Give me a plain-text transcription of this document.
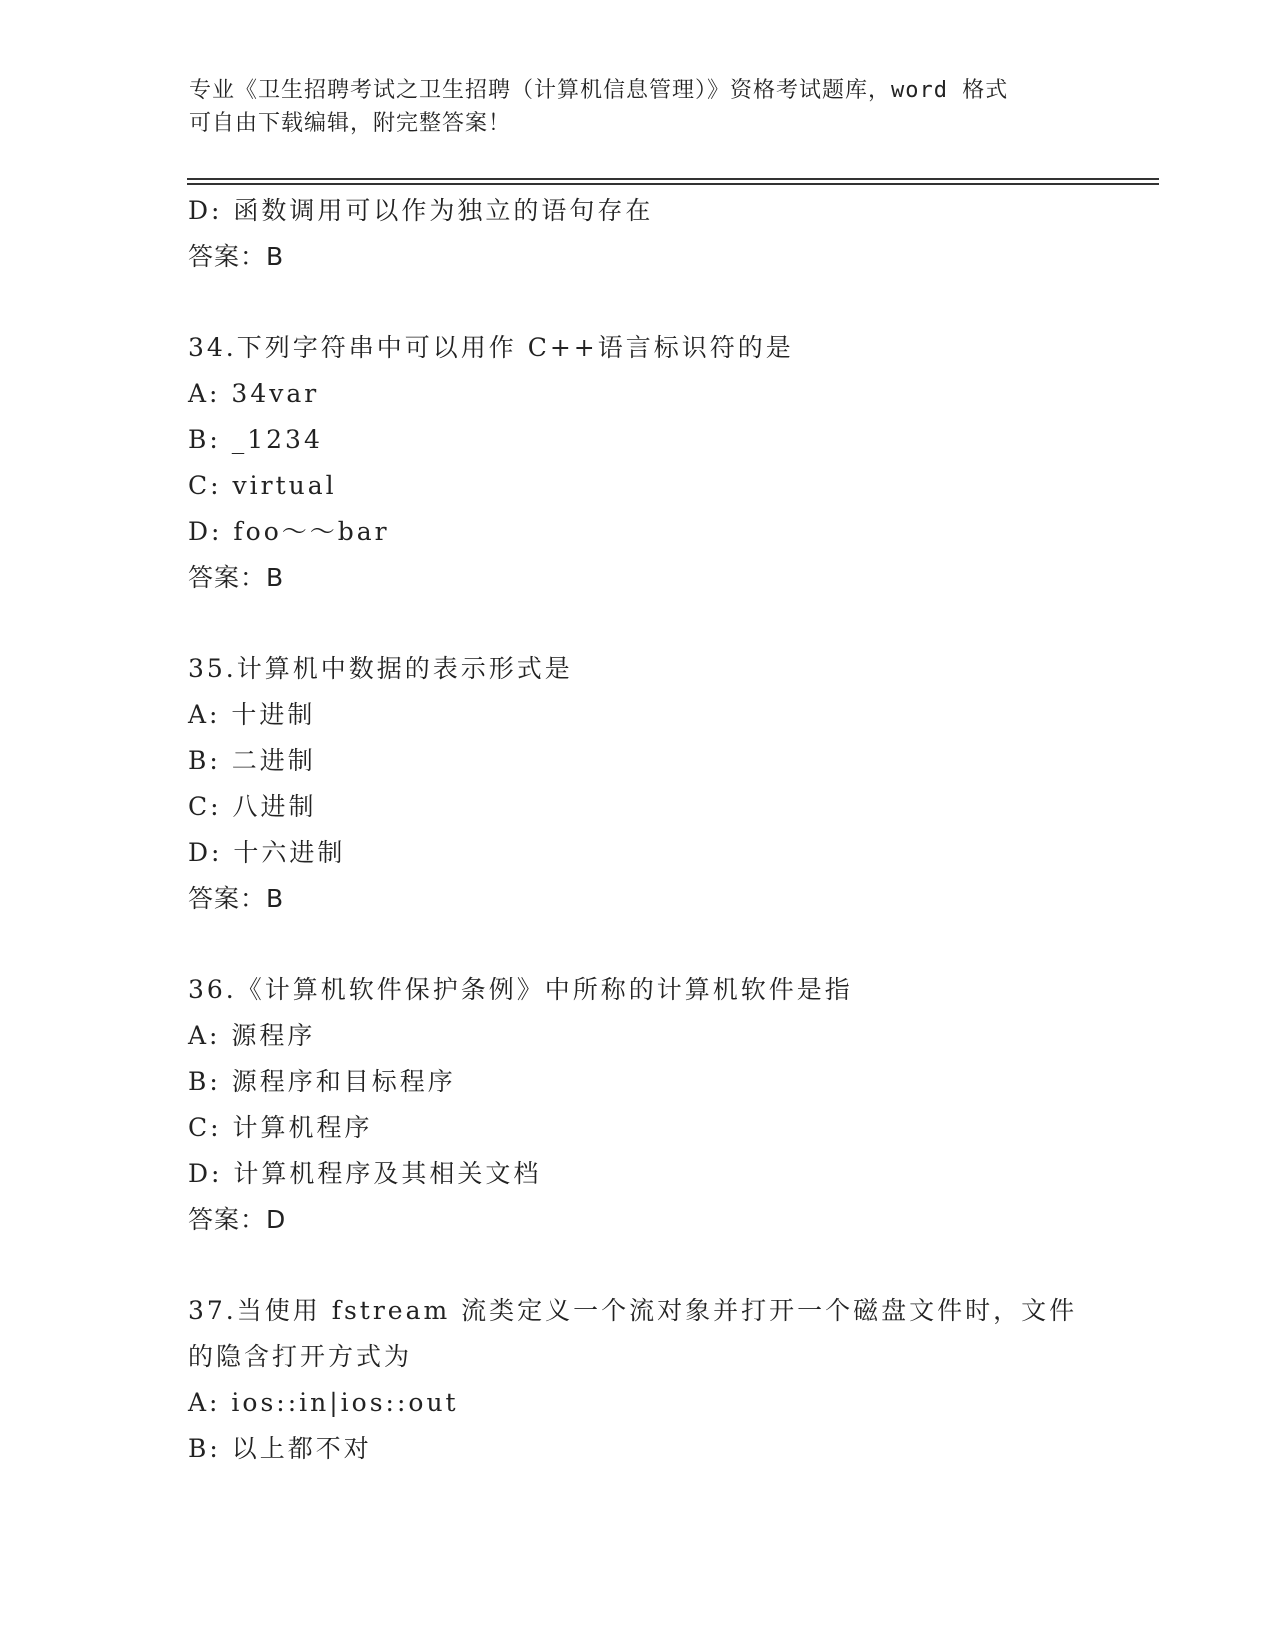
专业《卫生招聘考试之卫生招聘（计算机信息管理）》资格考试题库，word 格式
可自由下载编辑，附完整答案！
D: 函数调用可以作为独立的语句存在
答案：B
34.下列字符串中可以用作 C++语言标识符的是
A: 34var
B: _1234
C: virtual
D: foo～～bar
答案：B
35.计算机中数据的表示形式是
A: 十进制
B: 二进制
C: 八进制
D: 十六进制
答案：B
36.《计算机软件保护条例》中所称的计算机软件是指
A: 源程序
B: 源程序和目标程序
C: 计算机程序
D: 计算机程序及其相关文档
答案：D
37.当使用 fstream 流类定义一个流对象并打开一个磁盘文件时，文件
的隐含打开方式为
A: ios::in|ios::out
B: 以上都不对
